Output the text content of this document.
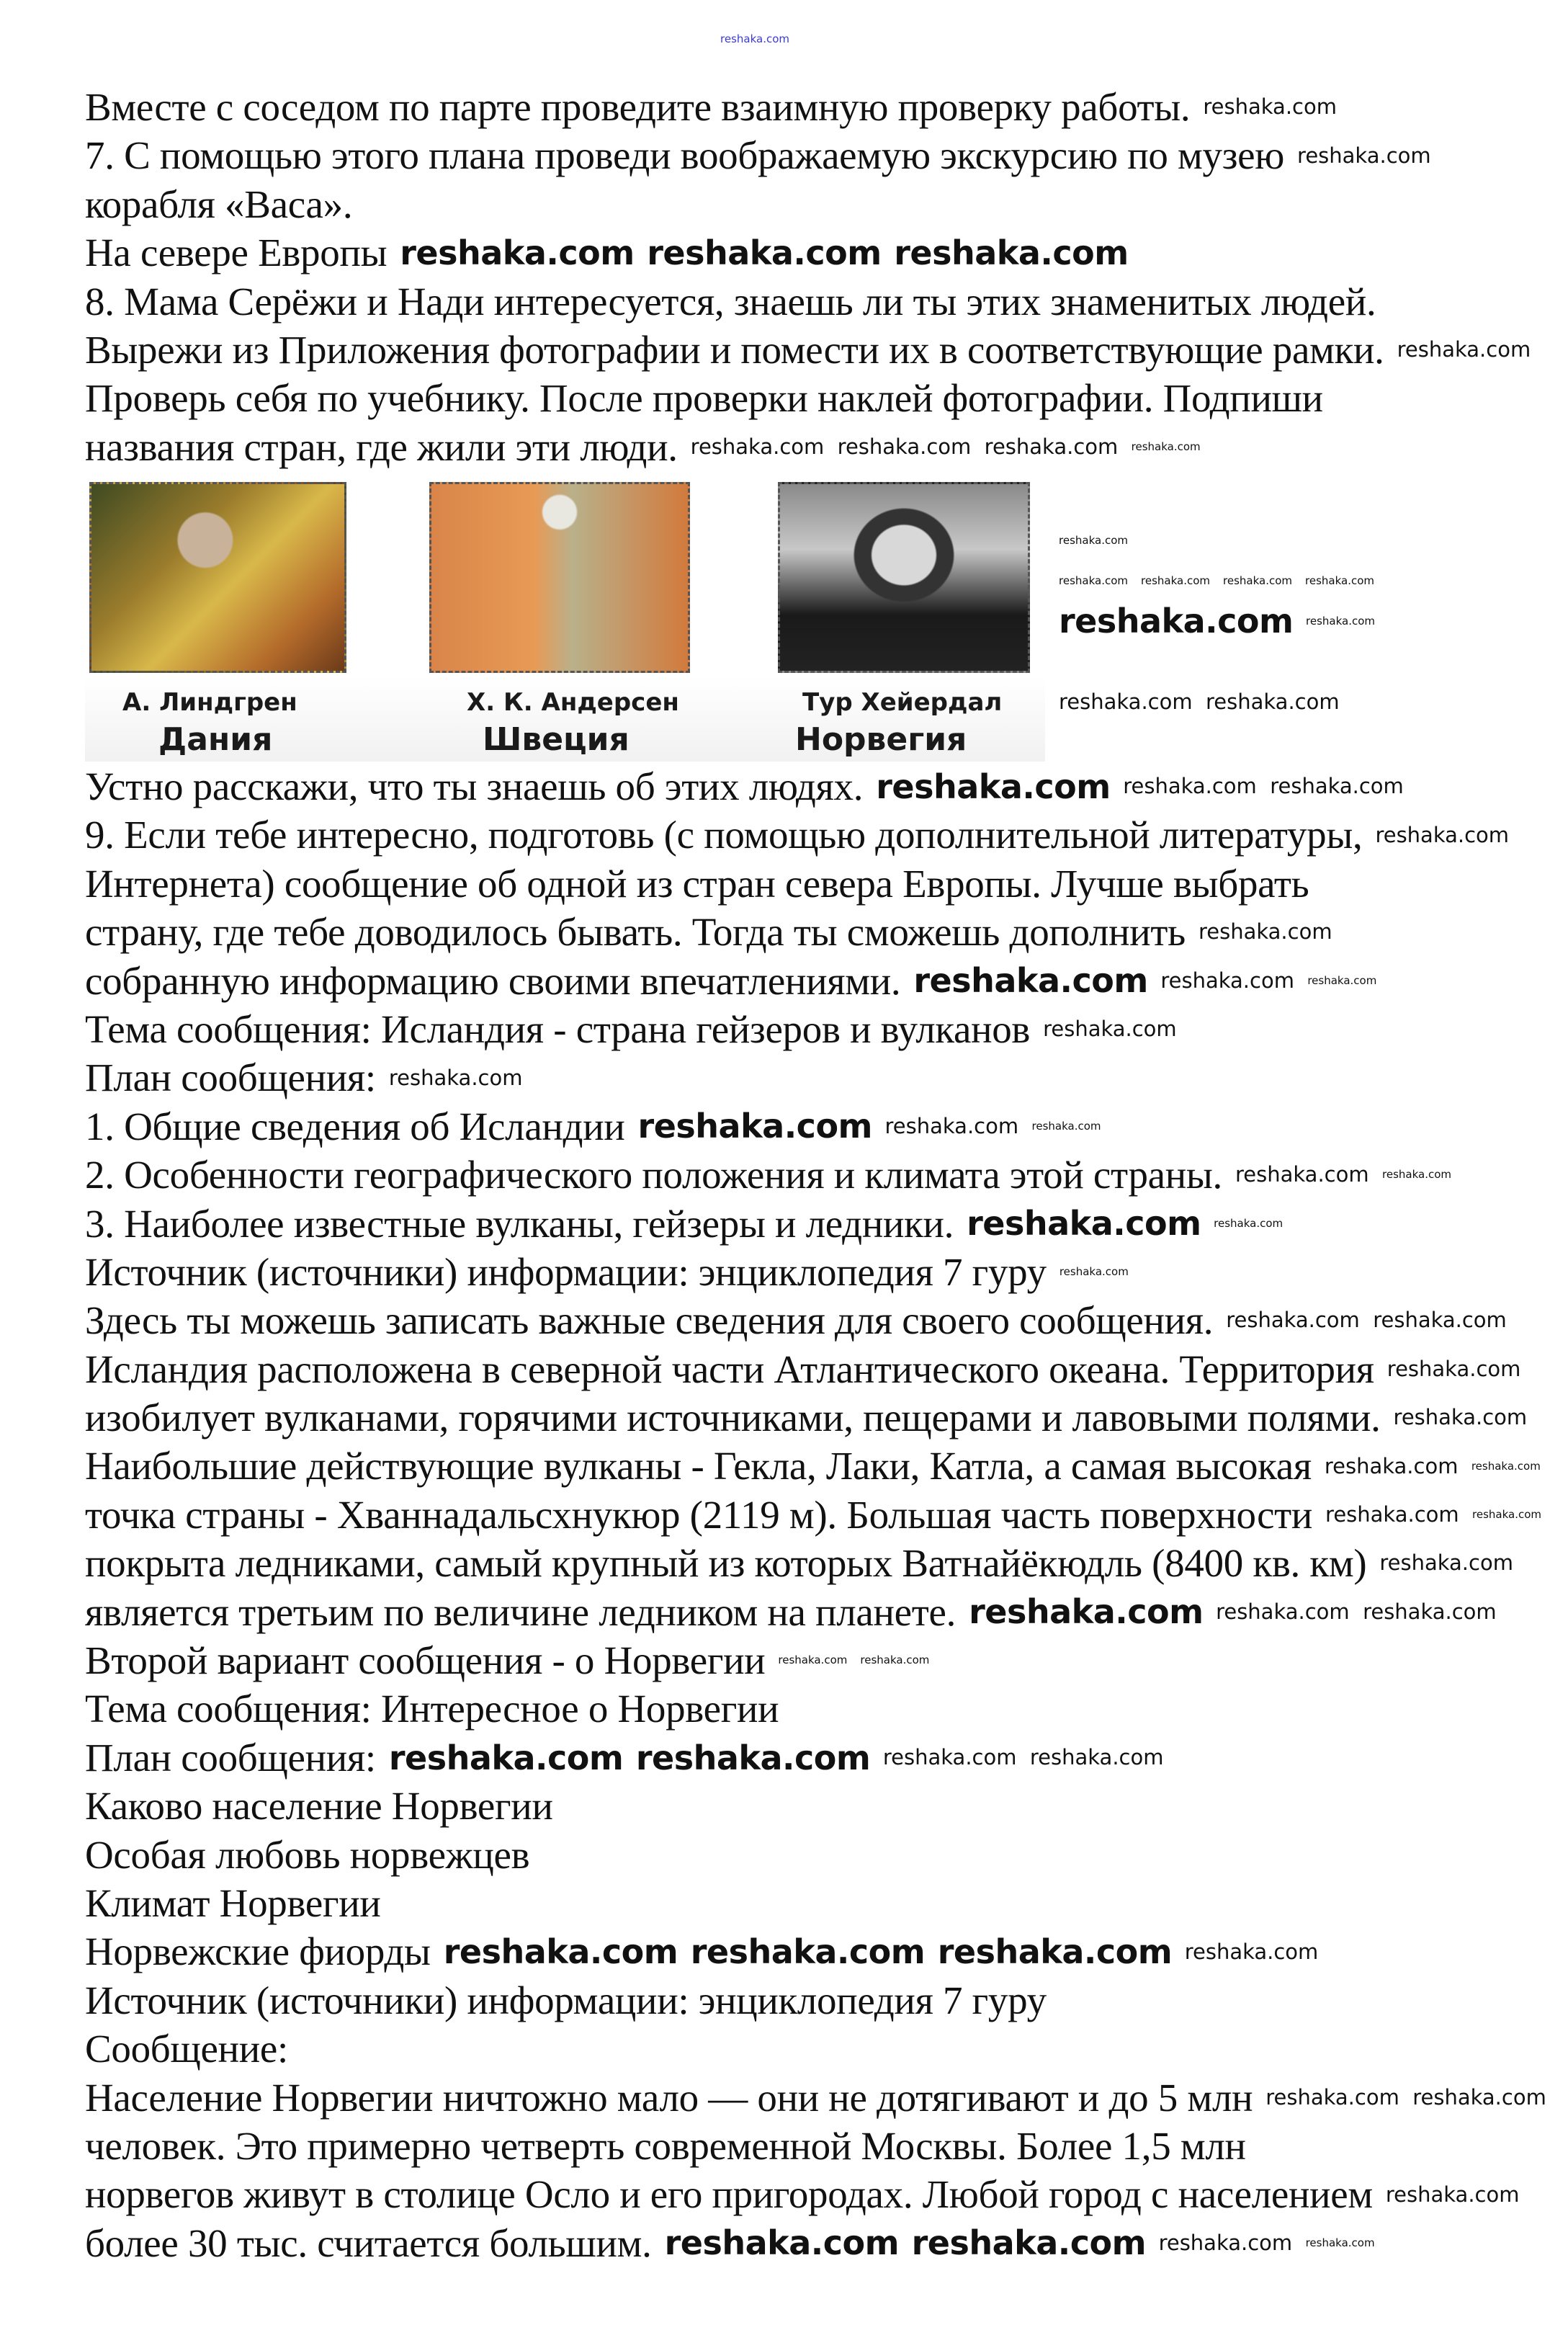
Вместе с соседом по парте проведите взаимную проверку работы.
7. С помощью этого плана проведи воображаемую экскурсию по музею
корабля «Васа».
На севере Европы
8. Мама Серёжи и Нади интересуется, знаешь ли ты этих знаменитых людей.
Вырежи из Приложения фотографии и помести их в соответствующие рамки.
Проверь себя по учебнику. После проверки наклей фотографии. Подпиши
названия стран, где жили эти люди.
А. Линдгрен
Дания
Х. К. Андерсен
Швеция
Тур Хейердал
Норвегия
Устно расскажи, что ты знаешь об этих людях.
9. Если тебе интересно, подготовь (с помощью дополнительной литературы,
Интернета) сообщение об одной из стран севера Европы. Лучше выбрать
страну, где тебе доводилось бывать. Тогда ты сможешь дополнить
собранную информацию своими впечатлениями.
Тема сообщения: Исландия - страна гейзеров и вулканов
План сообщения:
1. Общие сведения об Исландии
2. Особенности географического положения и климата этой страны.
3. Наиболее известные вулканы, гейзеры и ледники.
Источник (источники) информации: энциклопедия 7 гуру
Здесь ты можешь записать важные сведения для своего сообщения.
Исландия расположена в северной части Атлантического океана. Территория
изобилует вулканами, горячими источниками, пещерами и лавовыми полями.
Наибольшие действующие вулканы - Гекла, Лаки, Катла, а самая высокая
точка страны - Хваннадальсхнукюр (2119 м). Большая часть поверхности
покрыта ледниками, самый крупный из которых Ватнайёкюдль (8400 кв. км)
является третьим по величине ледником на планете.
Второй вариант сообщения - о Норвегии
Тема сообщения: Интересное о Норвегии
План сообщения:
Каково население Норвегии
Особая любовь норвежцев
Климат Норвегии
Норвежские фиорды
Источник (источники) информации: энциклопедия 7 гуру
Сообщение:
Население Норвегии ничтожно мало — они не дотягивают и до 5 млн
человек. Это примерно четверть современной Москвы. Более 1,5 млн
норвегов живут в столице Осло и его пригородах. Любой город с населением
более 30 тыс. считается большим.
reshaka.com
reshaka.com reshaka.com reshaka.com
reshaka.com
reshaka.com
reshaka.com
reshaka.com
reshaka.com
reshaka.com
reshaka.com reshaka.com
reshaka.com reshaka.com reshaka.com
reshaka.com reshaka.com
reshaka.com
reshaka.com
reshaka.com
reshaka.com reshaka.com reshaka.com
reshaka.com reshaka.com
reshaka.com reshaka.com
reshaka.com
reshaka.com
reshaka.com
reshaka.com
reshaka.com
reshaka.com
reshaka.com
reshaka.com
reshaka.com
reshaka.com
reshaka.com
reshaka.com
reshaka.com
reshaka.com
reshaka.com reshaka.com
reshaka.com
reshaka.com
reshaka.com reshaka.com
reshaka.com
reshaka.com
reshaka.com
reshaka.com
reshaka.com
reshaka.com
reshaka.com
reshaka.com
reshaka.com
reshaka.com
reshaka.com
reshaka.com
reshaka.com
reshaka.com reshaka.com
reshaka.com
reshaka.com reshaka.com reshaka.com
reshaka.com
